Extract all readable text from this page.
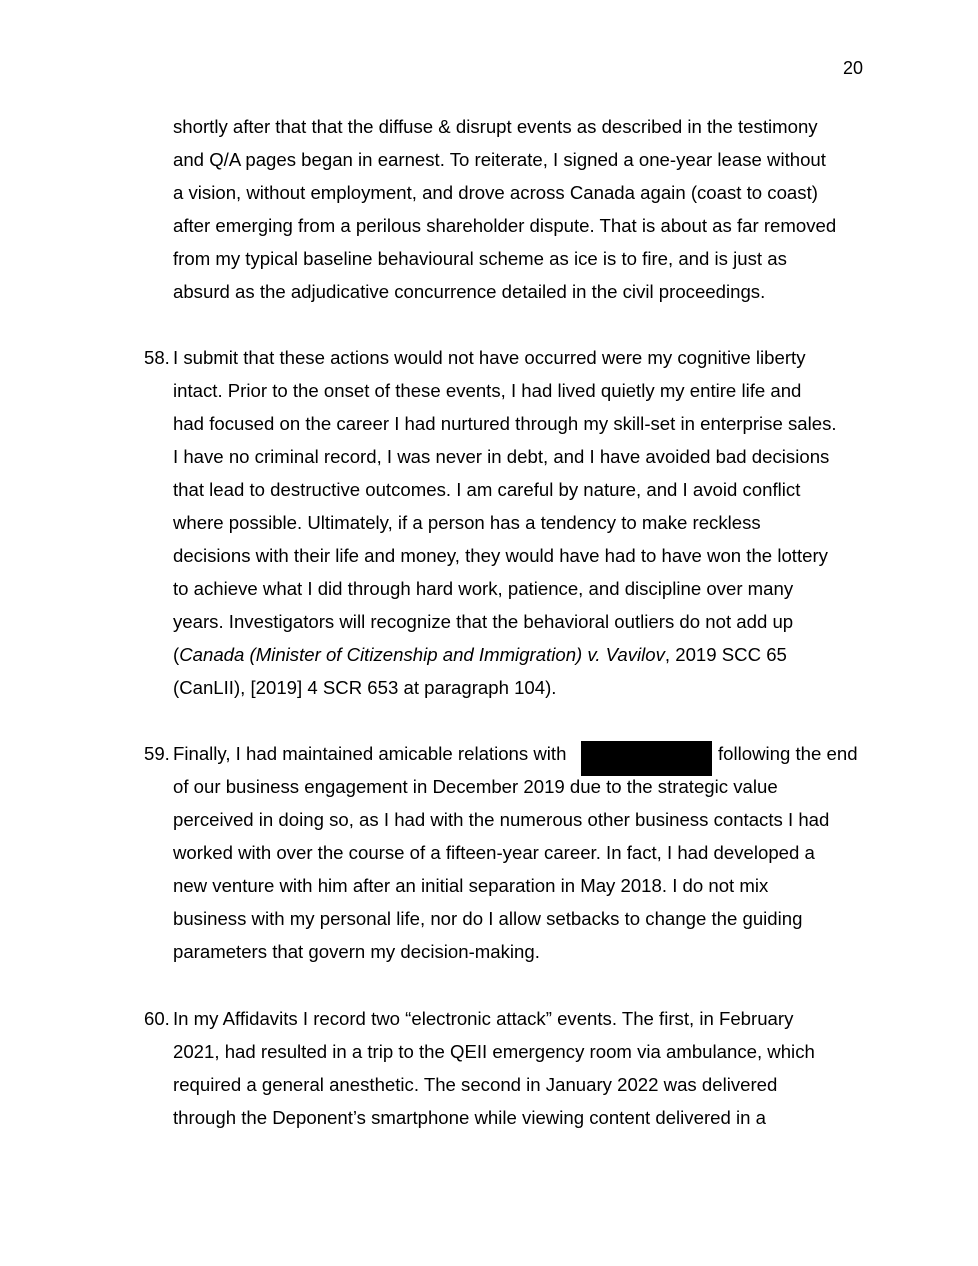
20
shortly after that that the diffuse & disrupt events as described in the testimony
and Q/A pages began in earnest. To reiterate, I signed a one-year lease without
a vision, without employment, and drove across Canada again (coast to coast)
after emerging from a perilous shareholder dispute. That is about as far removed
from my typical baseline behavioural scheme as ice is to fire, and is just as
absurd as the adjudicative concurrence detailed in the civil proceedings.
58. I submit that these actions would not have occurred were my cognitive liberty
intact. Prior to the onset of these events, I had lived quietly my entire life and
had focused on the career I had nurtured through my skill-set in enterprise sales.
I have no criminal record, I was never in debt, and I have avoided bad decisions
that lead to destructive outcomes. I am careful by nature, and I avoid conflict
where possible. Ultimately, if a person has a tendency to make reckless
decisions with their life and money, they would have had to have won the lottery
to achieve what I did through hard work, patience, and discipline over many
years. Investigators will recognize that the behavioral outliers do not add up
(Canada (Minister of Citizenship and Immigration) v. Vavilov, 2019 SCC 65
(CanLII), [2019] 4 SCR 653 at paragraph 104).
59. Finally, I had maintained amicable relations with	following the end
of our business engagement in December 2019 due to the strategic value
perceived in doing so, as I had with the numerous other business contacts I had
worked with over the course of a fifteen-year career. In fact, I had developed a
new venture with him after an initial separation in May 2018. I do not mix
business with my personal life, nor do I allow setbacks to change the guiding
parameters that govern my decision-making.
60. In my Affidavits I record two “electronic attack” events. The first, in February
2021, had resulted in a trip to the QEII emergency room via ambulance, which
required a general anesthetic. The second in January 2022 was delivered
through the Deponent’s smartphone while viewing content delivered in a
